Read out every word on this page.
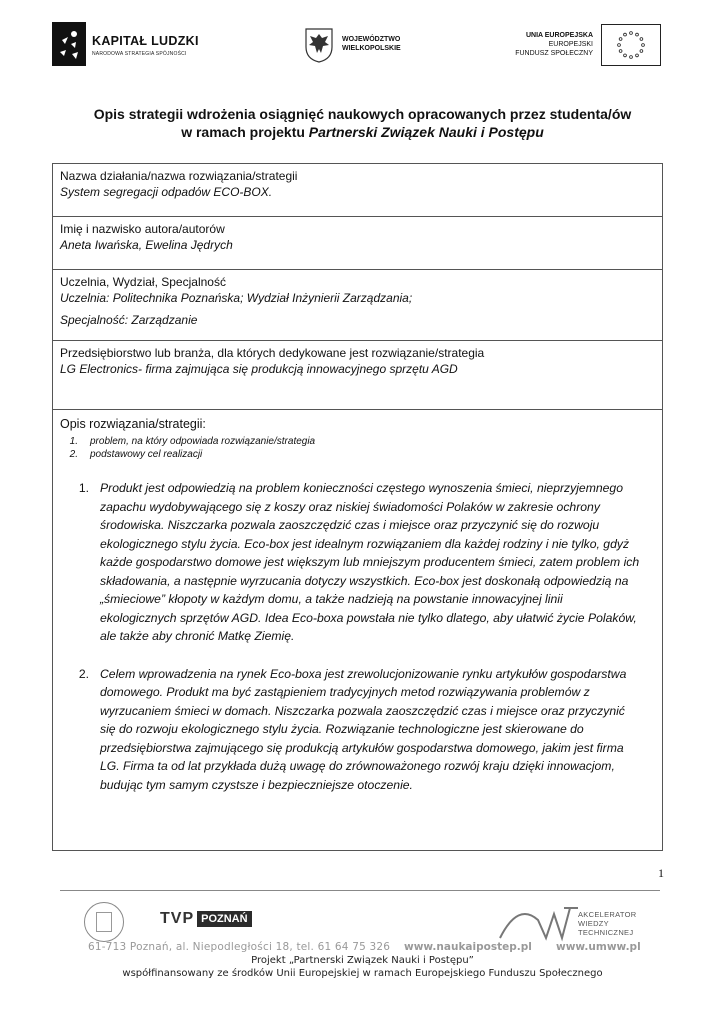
KAPITAŁ LUDZKI
NARODOWA STRATEGIA SPÓJNOŚCI
WOJEWÓDZTWO
WIELKOPOLSKIE
UNIA EUROPEJSKA
EUROPEJSKI
FUNDUSZ SPOŁECZNY
Opis strategii wdrożenia osiągnięć naukowych opracowanych przez studenta/ów
w ramach projektu Partnerski Związek Nauki i Postępu
Nazwa działania/nazwa rozwiązania/strategii
System segregacji odpadów ECO-BOX.
Imię i nazwisko autora/autorów
Aneta Iwańska, Ewelina Jędrych
Uczelnia, Wydział, Specjalność
Uczelnia: Politechnika Poznańska; Wydział Inżynierii Zarządzania;
Specjalność: Zarządzanie
Przedsiębiorstwo lub branża, dla których dedykowane jest rozwiązanie/strategia
LG Electronics- firma zajmująca się produkcją innowacyjnego sprzętu AGD
Opis rozwiązania/strategii:
1.	problem, na który odpowiada rozwiązanie/strategia
2.	podstawowy cel realizacji
1. Produkt jest odpowiedzią na problem konieczności częstego wynoszenia śmieci, nieprzyjemnego zapachu wydobywającego się z koszy oraz niskiej świadomości Polaków w zakresie ochrony środowiska. Niszczarka pozwala zaoszczędzić czas i miejsce oraz przyczynić się do rozwoju ekologicznego stylu życia. Eco-box jest idealnym rozwiązaniem dla każdej rodziny i nie tylko, gdyż każde gospodarstwo domowe jest większym lub mniejszym producentem śmieci, zatem problem ich składowania, a następnie wyrzucania dotyczy wszystkich. Eco-box jest doskonałą odpowiedzią na „śmieciowe” kłopoty w każdym domu, a także nadzieją na powstanie innowacyjnej linii ekologicznych sprzętów AGD. Idea Eco-boxa powstała nie tylko dlatego, aby ułatwić życie Polaków, ale także aby chronić Matkę Ziemię.
2. Celem wprowadzenia na rynek Eco-boxa jest zrewolucjonizowanie rynku artykułów gospodarstwa domowego. Produkt ma być zastąpieniem tradycyjnych metod rozwiązywania problemów z wyrzucaniem śmieci w domach. Niszczarka pozwala zaoszczędzić czas i miejsce oraz przyczynić się do rozwoju ekologicznego stylu życia. Rozwiązanie technologiczne jest skierowane do przedsiębiorstwa zajmującego się produkcją artykułów gospodarstwa domowego, jakim jest firma LG. Firma ta od lat przykłada dużą uwagę do zrównoważonego rozwój kraju dzięki innowacjom, budując tym samym czystsze i bezpieczniejsze otoczenie.
1
TVP POZNAŃ	AKCELERATOR
WIEDZY
TECHNICZNEJ
61-713 Poznań, al. Niepodległości 18, tel. 61 64 75 326 www.naukaipostep.pl www.umww.pl
Projekt „Partnerski Związek Nauki i Postępu”
współfinansowany ze środków Unii Europejskiej w ramach Europejskiego Funduszu Społecznego
